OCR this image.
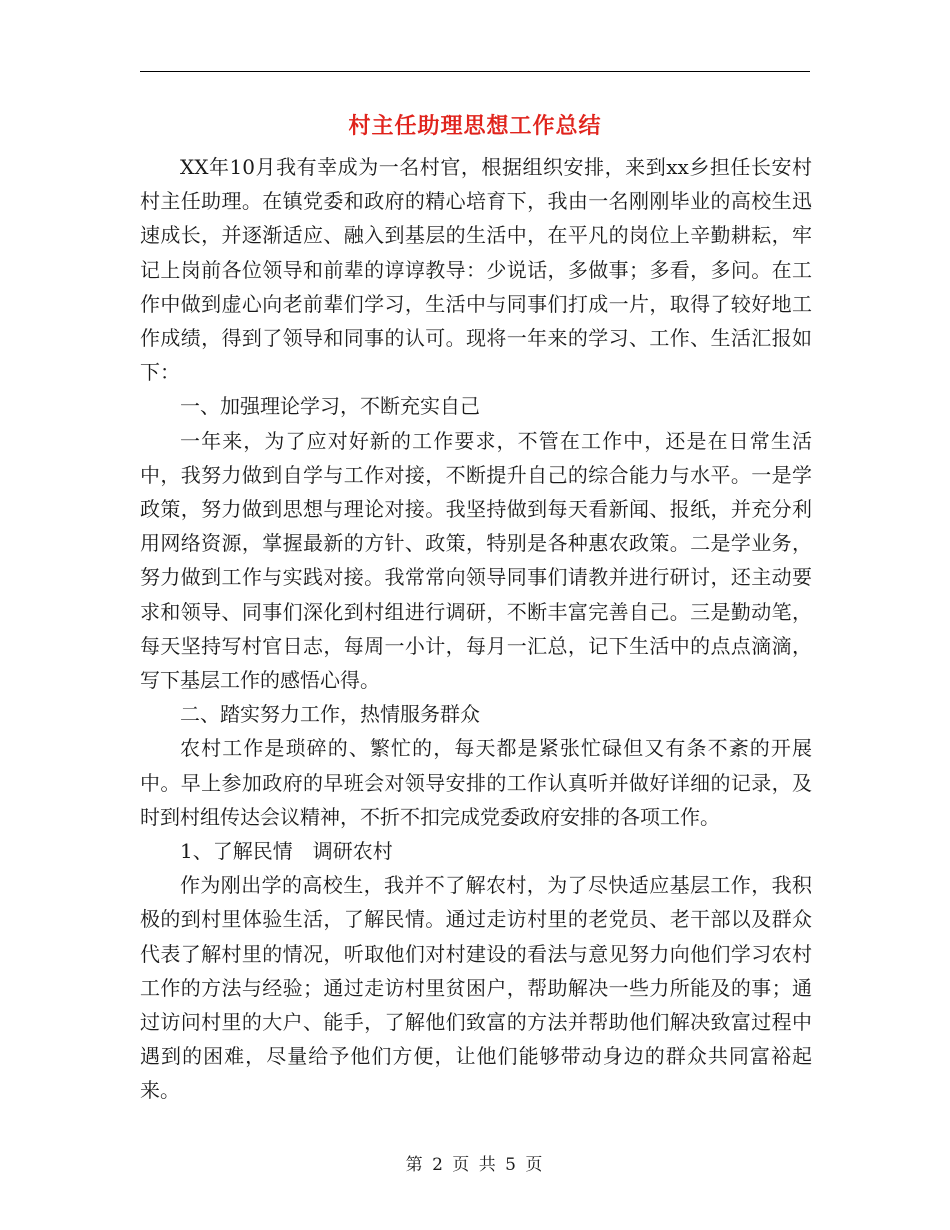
村主任助理思想工作总结

XX年10月我有幸成为一名村官，根据组织安排，来到xx乡担任长安村村主任助理。在镇党委和政府的精心培育下，我由一名刚刚毕业的高校生迅速成长，并逐渐适应、融入到基层的生活中，在平凡的岗位上辛勤耕耘，牢记上岗前各位领导和前辈的谆谆教导：少说话，多做事；多看，多问。在工作中做到虚心向老前辈们学习，生活中与同事们打成一片，取得了较好地工作成绩，得到了领导和同事的认可。现将一年来的学习、工作、生活汇报如下：

一、加强理论学习，不断充实自己

一年来，为了应对好新的工作要求，不管在工作中，还是在日常生活中，我努力做到自学与工作对接，不断提升自己的综合能力与水平。一是学政策，努力做到思想与理论对接。我坚持做到每天看新闻、报纸，并充分利用网络资源，掌握最新的方针、政策，特别是各种惠农政策。二是学业务，努力做到工作与实践对接。我常常向领导同事们请教并进行研讨，还主动要求和领导、同事们深化到村组进行调研，不断丰富完善自己。三是勤动笔，每天坚持写村官日志，每周一小计，每月一汇总，记下生活中的点点滴滴，写下基层工作的感悟心得。

二、踏实努力工作，热情服务群众

农村工作是琐碎的、繁忙的，每天都是紧张忙碌但又有条不紊的开展中。早上参加政府的早班会对领导安排的工作认真听并做好详细的记录，及时到村组传达会议精神，不折不扣完成党委政府安排的各项工作。

1、了解民情　调研农村

作为刚出学的高校生，我并不了解农村，为了尽快适应基层工作，我积极的到村里体验生活，了解民情。通过走访村里的老党员、老干部以及群众代表了解村里的情况，听取他们对村建设的看法与意见努力向他们学习农村工作的方法与经验；通过走访村里贫困户，帮助解决一些力所能及的事；通过访问村里的大户、能手，了解他们致富的方法并帮助他们解决致富过程中遇到的困难，尽量给予他们方便，让他们能够带动身边的群众共同富裕起来。

第 2 页 共 5 页
